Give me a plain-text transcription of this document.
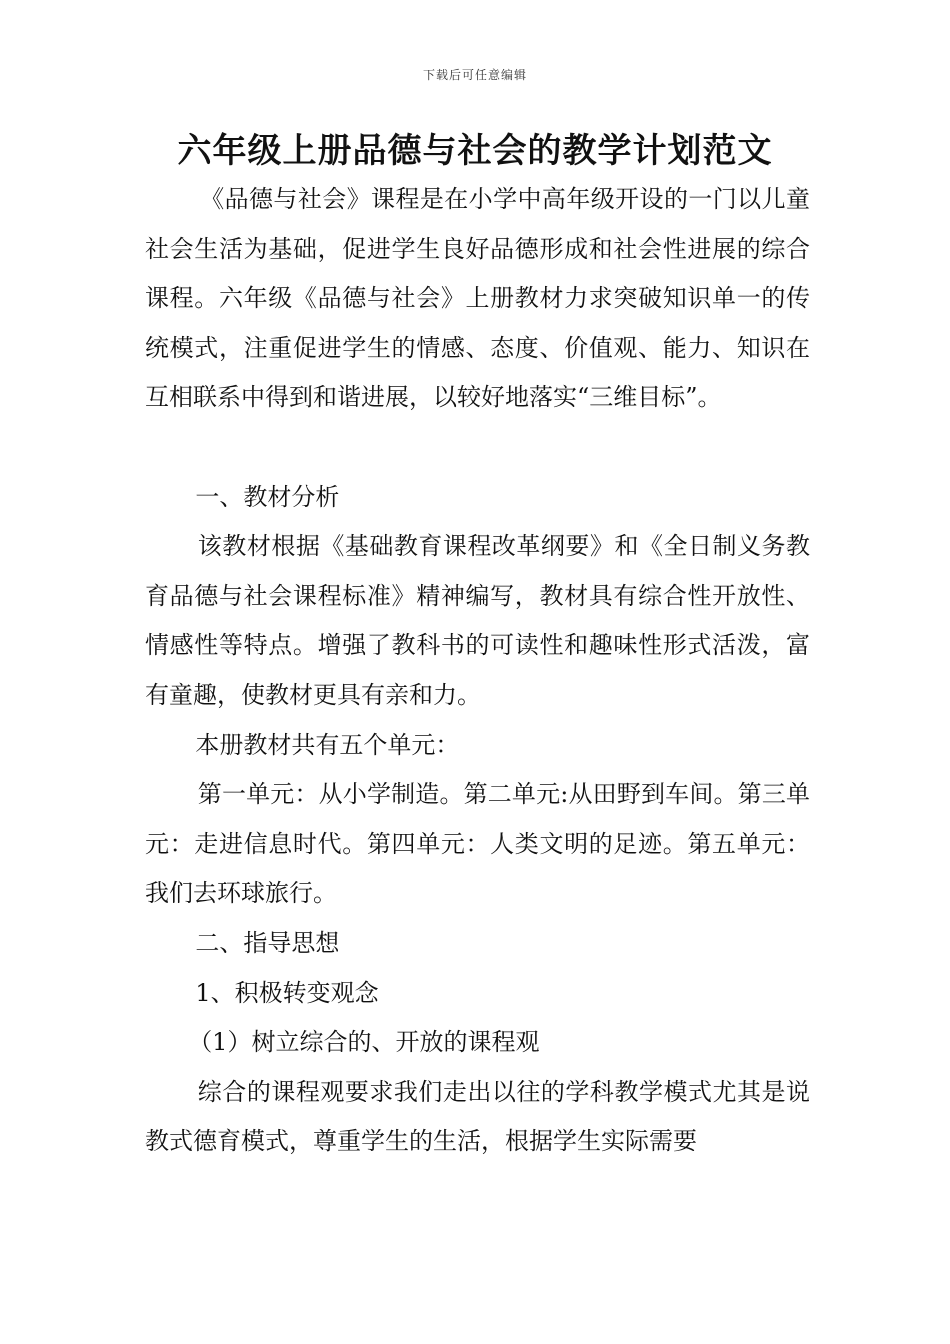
下载后可任意编辑
六年级上册品德与社会的教学计划范文

《品德与社会》课程是在小学中高年级开设的一门以儿童社会生活为基础，促进学生良好品德形成和社会性进展的综合课程。六年级《品德与社会》上册教材力求突破知识单一的传统模式，注重促进学生的情感、态度、价值观、能力、知识在互相联系中得到和谐进展，以较好地落实“三维目标”。

一、教材分析

该教材根据《基础教育课程改革纲要》和《全日制义务教育品德与社会课程标准》精神编写，教材具有综合性开放性、情感性等特点。增强了教科书的可读性和趣味性形式活泼，富有童趣，使教材更具有亲和力。

本册教材共有五个单元：

第一单元：从小学制造。第二单元:从田野到车间。第三单元：走进信息时代。第四单元：人类文明的足迹。第五单元：我们去环球旅行。

二、指导思想

1、积极转变观念

（1）树立综合的、开放的课程观

综合的课程观要求我们走出以往的学科教学模式尤其是说教式德育模式，尊重学生的生活，根据学生实际需要
